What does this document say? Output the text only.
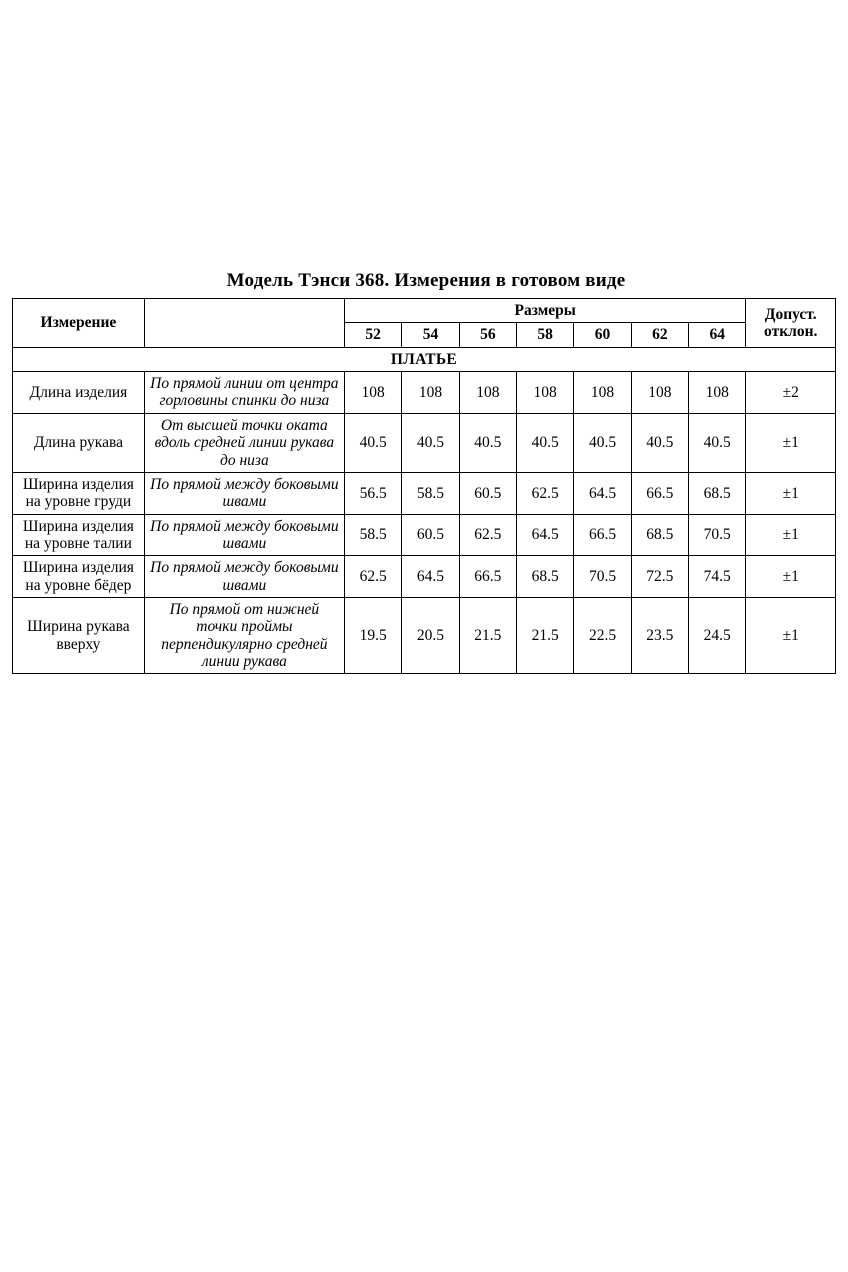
Модель Тэнси 368. Измерения в готовом виде
Измерение		Размеры							Допуст.
отклон.

		52	54	56	58	60	62	64	
ПЛАТЬЕ									
Длина изделия	По прямой линии от центра горловины спинки до низа	108	108	108	108	108	108	108	±2
Длина рукава	От высшей точки оката вдоль средней линии рукава до низа	40.5	40.5	40.5	40.5	40.5	40.5	40.5	±1
Ширина изделия на уровне груди	По прямой между боковыми швами	56.5	58.5	60.5	62.5	64.5	66.5	68.5	±1
Ширина изделия на уровне талии	По прямой между боковыми швами	58.5	60.5	62.5	64.5	66.5	68.5	70.5	±1
Ширина изделия на уровне бёдер	По прямой между боковыми швами	62.5	64.5	66.5	68.5	70.5	72.5	74.5	±1
Ширина рукава вверху	По прямой от нижней точки проймы перпендикулярно средней линии рукава	19.5	20.5	21.5	21.5	22.5	23.5	24.5	±1
